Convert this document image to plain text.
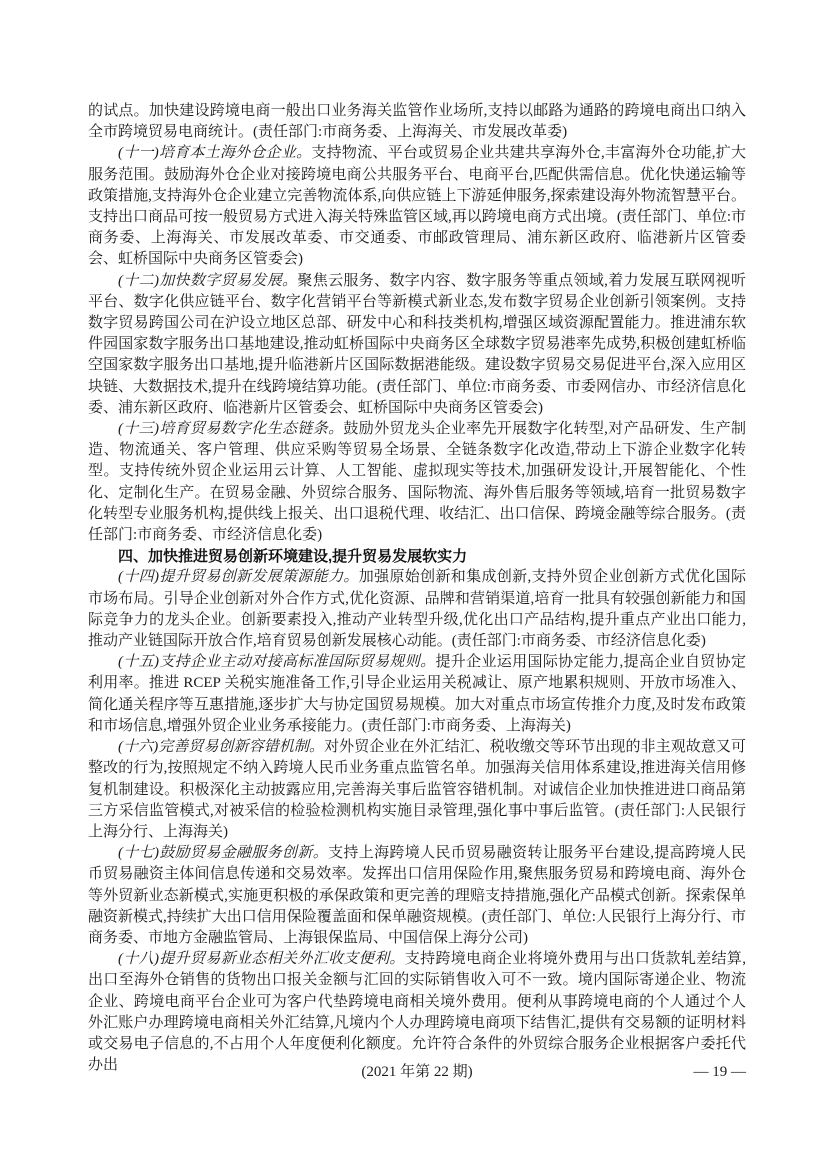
的试点。加快建设跨境电商一般出口业务海关监管作业场所,支持以邮路为通路的跨境电商出口纳入全市跨境贸易电商统计。(责任部门:市商务委、上海海关、市发展改革委)

(十一)培育本土海外仓企业。支持物流、平台或贸易企业共建共享海外仓,丰富海外仓功能,扩大服务范围。鼓励海外仓企业对接跨境电商公共服务平台、电商平台,匹配供需信息。优化快递运输等政策措施,支持海外仓企业建立完善物流体系,向供应链上下游延伸服务,探索建设海外物流智慧平台。支持出口商品可按一般贸易方式进入海关特殊监管区域,再以跨境电商方式出境。(责任部门、单位:市商务委、上海海关、市发展改革委、市交通委、市邮政管理局、浦东新区政府、临港新片区管委会、虹桥国际中央商务区管委会)

(十二)加快数字贸易发展。聚焦云服务、数字内容、数字服务等重点领域,着力发展互联网视听平台、数字化供应链平台、数字化营销平台等新模式新业态,发布数字贸易企业创新引领案例。支持数字贸易跨国公司在沪设立地区总部、研发中心和科技类机构,增强区域资源配置能力。推进浦东软件园国家数字服务出口基地建设,推动虹桥国际中央商务区全球数字贸易港率先成势,积极创建虹桥临空国家数字服务出口基地,提升临港新片区国际数据港能级。建设数字贸易交易促进平台,深入应用区块链、大数据技术,提升在线跨境结算功能。(责任部门、单位:市商务委、市委网信办、市经济信息化委、浦东新区政府、临港新片区管委会、虹桥国际中央商务区管委会)

(十三)培育贸易数字化生态链条。鼓励外贸龙头企业率先开展数字化转型,对产品研发、生产制造、物流通关、客户管理、供应采购等贸易全场景、全链条数字化改造,带动上下游企业数字化转型。支持传统外贸企业运用云计算、人工智能、虚拟现实等技术,加强研发设计,开展智能化、个性化、定制化生产。在贸易金融、外贸综合服务、国际物流、海外售后服务等领域,培育一批贸易数字化转型专业服务机构,提供线上报关、出口退税代理、收结汇、出口信保、跨境金融等综合服务。(责任部门:市商务委、市经济信息化委)

四、加快推进贸易创新环境建设,提升贸易发展软实力

(十四)提升贸易创新发展策源能力。加强原始创新和集成创新,支持外贸企业创新方式优化国际市场布局。引导企业创新对外合作方式,优化资源、品牌和营销渠道,培育一批具有较强创新能力和国际竞争力的龙头企业。创新要素投入,推动产业转型升级,优化出口产品结构,提升重点产业出口能力,推动产业链国际开放合作,培育贸易创新发展核心动能。(责任部门:市商务委、市经济信息化委)

(十五)支持企业主动对接高标准国际贸易规则。提升企业运用国际协定能力,提高企业自贸协定利用率。推进 RCEP 关税实施准备工作,引导企业运用关税减让、原产地累积规则、开放市场准入、简化通关程序等互惠措施,逐步扩大与协定国贸易规模。加大对重点市场宣传推介力度,及时发布政策和市场信息,增强外贸企业业务承接能力。(责任部门:市商务委、上海海关)

(十六)完善贸易创新容错机制。对外贸企业在外汇结汇、税收缴交等环节出现的非主观故意又可整改的行为,按照规定不纳入跨境人民币业务重点监管名单。加强海关信用体系建设,推进海关信用修复机制建设。积极深化主动披露应用,完善海关事后监管容错机制。对诚信企业加快推进进口商品第三方采信监管模式,对被采信的检验检测机构实施目录管理,强化事中事后监管。(责任部门:人民银行上海分行、上海海关)

(十七)鼓励贸易金融服务创新。支持上海跨境人民币贸易融资转让服务平台建设,提高跨境人民币贸易融资主体间信息传递和交易效率。发挥出口信用保险作用,聚焦服务贸易和跨境电商、海外仓等外贸新业态新模式,实施更积极的承保政策和更完善的理赔支持措施,强化产品模式创新。探索保单融资新模式,持续扩大出口信用保险覆盖面和保单融资规模。(责任部门、单位:人民银行上海分行、市商务委、市地方金融监管局、上海银保监局、中国信保上海分公司)

(十八)提升贸易新业态相关外汇收支便利。支持跨境电商企业将境外费用与出口货款轧差结算,出口至海外仓销售的货物出口报关金额与汇回的实际销售收入可不一致。境内国际寄递企业、物流企业、跨境电商平台企业可为客户代垫跨境电商相关境外费用。便利从事跨境电商的个人通过个人外汇账户办理跨境电商相关外汇结算,凡境内个人办理跨境电商项下结售汇,提供有交易额的证明材料或交易电子信息的,不占用个人年度便利化额度。允许符合条件的外贸综合服务企业根据客户委托代办出	(2021 年第 22 期)	— 19 —
